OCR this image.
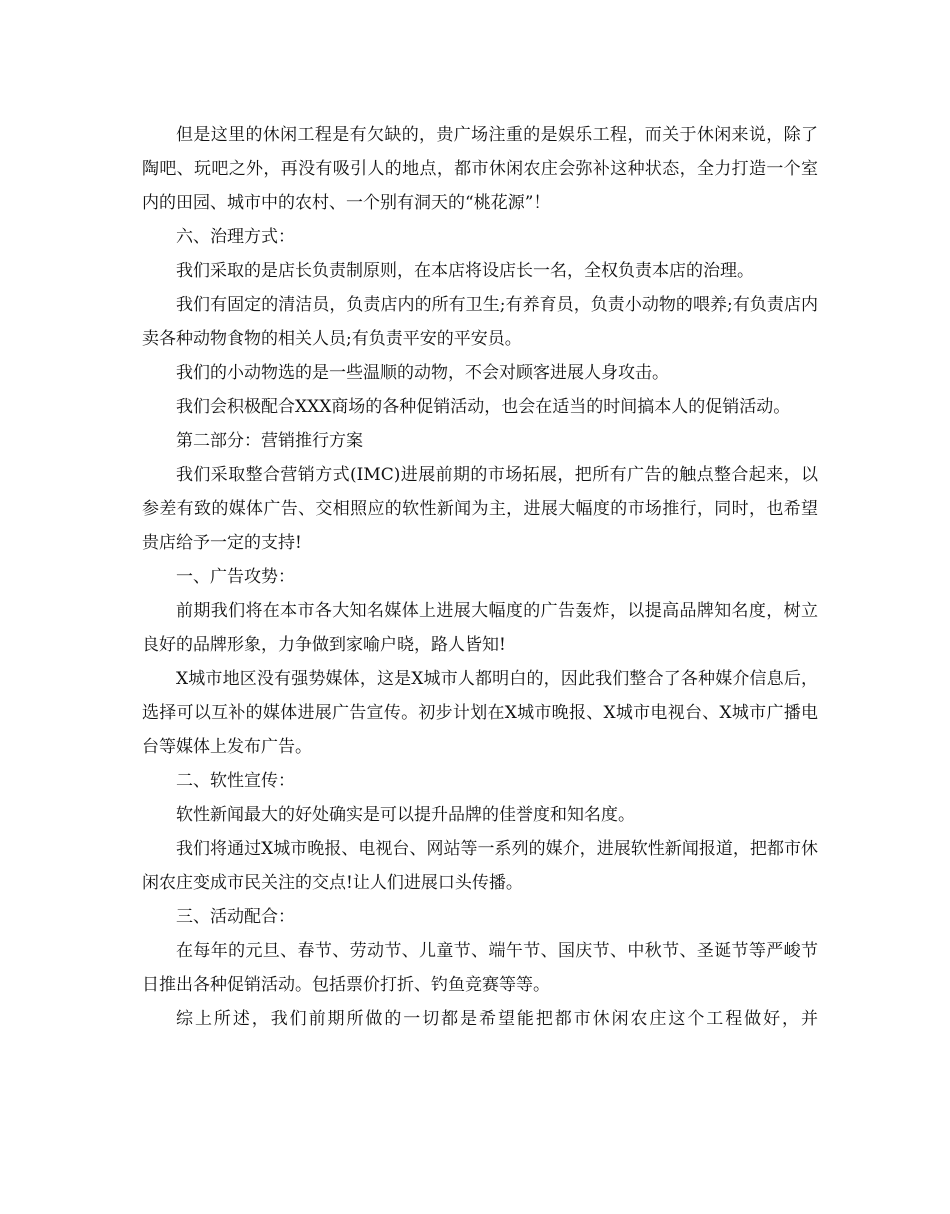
但是这里的休闲工程是有欠缺的，贵广场注重的是娱乐工程，而关于休闲来说，除了陶吧、玩吧之外，再没有吸引人的地点，都市休闲农庄会弥补这种状态，全力打造一个室内的田园、城市中的农村、一个别有洞天的“桃花源”！

六、治理方式：

我们采取的是店长负责制原则，在本店将设店长一名，全权负责本店的治理。

我们有固定的清洁员，负责店内的所有卫生;有养育员，负责小动物的喂养;有负责店内卖各种动物食物的相关人员;有负责平安的平安员。

我们的小动物选的是一些温顺的动物，不会对顾客进展人身攻击。

我们会积极配合XXX商场的各种促销活动，也会在适当的时间搞本人的促销活动。

第二部分：营销推行方案

我们采取整合营销方式(IMC)进展前期的市场拓展，把所有广告的触点整合起来，以参差有致的媒体广告、交相照应的软性新闻为主，进展大幅度的市场推行，同时，也希望贵店给予一定的支持!

一、广告攻势：

前期我们将在本市各大知名媒体上进展大幅度的广告轰炸，以提高品牌知名度，树立良好的品牌形象，力争做到家喻户晓，路人皆知!

X城市地区没有强势媒体，这是X城市人都明白的，因此我们整合了各种媒介信息后，选择可以互补的媒体进展广告宣传。初步计划在X城市晚报、X城市电视台、X城市广播电台等媒体上发布广告。

二、软性宣传：

软性新闻最大的好处确实是可以提升品牌的佳誉度和知名度。

我们将通过X城市晚报、电视台、网站等一系列的媒介，进展软性新闻报道，把都市休闲农庄变成市民关注的交点!让人们进展口头传播。

三、活动配合：

在每年的元旦、春节、劳动节、儿童节、端午节、国庆节、中秋节、圣诞节等严峻节日推出各种促销活动。包括票价打折、钓鱼竞赛等等。

综上所述，我们前期所做的一切都是希望能把都市休闲农庄这个工程做好，并
